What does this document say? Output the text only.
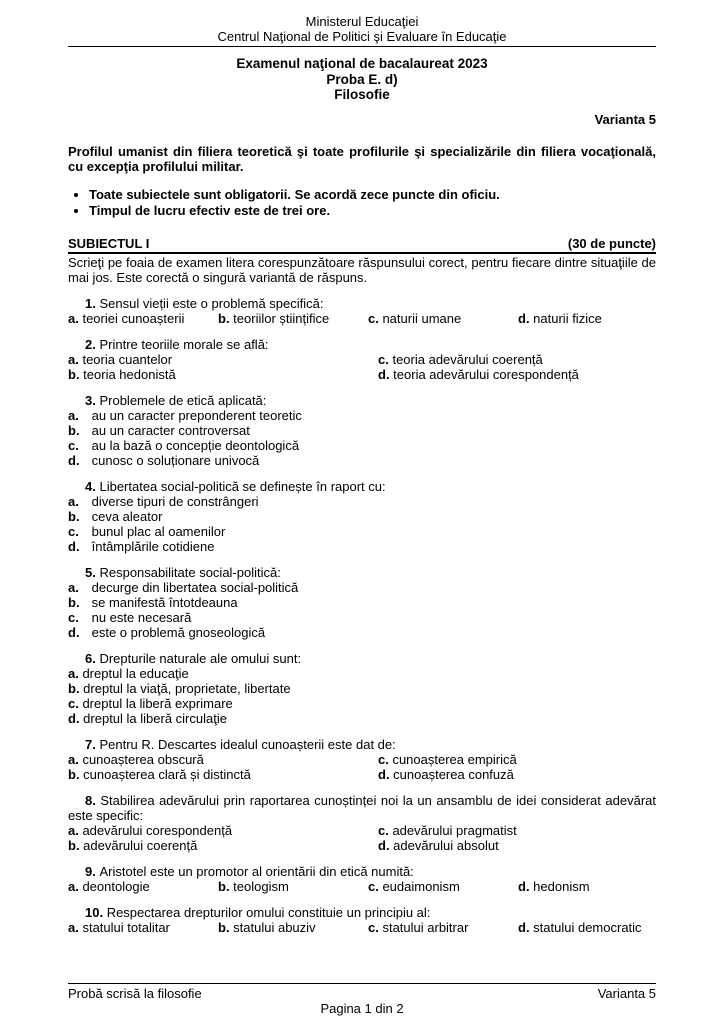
Ministerul Educaţiei
Centrul Naţional de Politici şi Evaluare în Educaţie
Examenul naţional de bacalaureat 2023
Proba E. d)
Filosofie
Varianta 5

Profilul umanist din filiera teoretică şi toate profilurile şi specializările din filiera vocaţională, cu excepţia profilului militar.

• Toate subiectele sunt obligatorii. Se acordă zece puncte din oficiu.
• Timpul de lucru efectiv este de trei ore.
SUBIECTUL I	(30 de puncte)

Scrieţi pe foaia de examen litera corespunzătoare răspunsului corect, pentru fiecare dintre situaţiile de mai jos. Este corectă o singură variantă de răspuns.

1. Sensul vieții este o problemă specifică:

a. teoriei cunoașterii	b. teoriilor științifice	c. naturii umane	d. naturii fizice

2. Printre teoriile morale se află:

a. teoria cuantelor	c. teoria adevărului coerență
b. teoria hedonistă	d. teoria adevărului corespondență

3. Problemele de etică aplicată:

a. au un caracter preponderent teoretic
b. au un caracter controversat
c. au la bază o concepție deontologică
d. cunosc o soluționare univocă

4. Libertatea social-politică se definește în raport cu:

a. diverse tipuri de constrângeri
b. ceva aleator
c. bunul plac al oamenilor
d. întâmplările cotidiene

5. Responsabilitate social-politică:

a. decurge din libertatea social-politică
b. se manifestă întotdeauna
c. nu este necesară
d. este o problemă gnoseologică

6. Drepturile naturale ale omului sunt:

a. dreptul la educaţie
b. dreptul la viaţă, proprietate, libertate
c. dreptul la liberă exprimare
d. dreptul la liberă circulaţie

7. Pentru R. Descartes idealul cunoașterii este dat de:

a. cunoașterea obscură	c. cunoașterea empirică
b. cunoașterea clară și distinctă	d. cunoașterea confuză

8. Stabilirea adevărului prin raportarea cunoștinței noi la un ansamblu de idei considerat adevărat este specific:

a. adevărului corespondență	c. adevărului pragmatist
b. adevărului coerență	d. adevărului absolut

9. Aristotel este un promotor al orientării din etică numită:

a. deontologie	b. teologism	c. eudaimonism	d. hedonism

10. Respectarea drepturilor omului constituie un principiu al:

a. statului totalitar	b. statului abuziv	c. statului arbitrar	d. statului democratic
Probă scrisă la filosofie	Varianta 5
Pagina 1 din 2
